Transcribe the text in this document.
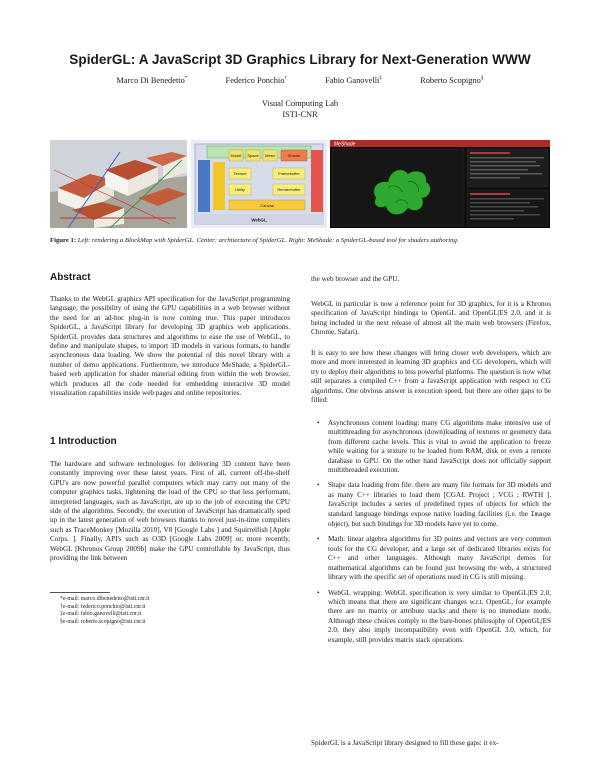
SpiderGL: A JavaScript 3D Graphics Library for Next-Generation WWW
Marco Di Benedetto*	Federico Ponchio†	Fabio Ganovelli‡	Roberto Scopigno§
Visual Computing Lab
ISTI-CNR
Model Space Mesh	Shader
Texture	Framebuffer
Utility	Renderbuffer
Canvas
WebGL
MeShade
Figure 1: Left: rendering a BlockMap with SpiderGL. Center: architecture of SpiderGL. Right: MeShade: a SpiderGL-based tool for shaders authoring.
Abstract
Thanks to the WebGL graphics API specification for the JavaScript programming language, the possibility of using the GPU capabilities in a web browser without the need for an ad-hoc plug-in is now coming true. This paper introduces SpiderGL, a JavaScript library for developing 3D graphics web applications. SpiderGL provides data structures and algorithms to ease the use of WebGL, to define and manipulate shapes, to import 3D models in various formats, to handle asynchronous data loading. We show the potential of this novel library with a number of demo applications. Furthermore, we introduce MeShade, a SpiderGL-based web application for shader material editing from within the web browser, which produces all the code needed for embedding interactive 3D model visualization capabilities inside web pages and online repositories.
1 Introduction
The hardware and software technologies for delivering 3D content have been constantly improving over these latest years. First of all, current off-the-shelf GPU's are now powerful parallel computers which may carry out many of the computer graphics tasks, lightening the load of the CPU so that less performant, interpreted languages, such as JavaScript, are up to the job of executing the CPU side of the algorithms. Secondly, the execution of JavaScript has dramatically sped up in the latest generation of web browsers thanks to novel just-in-time compilers such as TraceMonkey [Mozilla 2010], V8 [Google Labs ] and Squirrelfish [Apple Corps. ]. Finally, API's such as O3D [Google Labs 2009] or, more recently, WebGL [Khronos Group 2009b] make the GPU controllable by JavaScript, thus providing the link between
*e-mail: marco.dibenedetto@isti.cnr.it
†e-mail: federico.ponchio@isti.cnr.it
‡e-mail: fabio.ganovelli@isti.cnr.it
§e-mail: roberto.scopigno@isti.cnr.it
the web browser and the GPU.
WebGL in particular is now a reference point for 3D graphics, for it is a Khronos specification of JavaScript bindings to OpenGL and OpenGL|ES 2.0, and it is being included in the next release of almost all the main web browsers (Firefox, Chrome, Safari).
It is easy to see how these changes will bring closer web developers, which are more and more interested in learning 3D graphics and CG developers, which will try to deploy their algorithms to less powerful platforms. The question is now what still separates a compiled C++ from a JavaScript application with respect to CG algorithms. One obvious answer is execution speed, but there are other gaps to be filled:
• Asynchronous content loading: many CG algorithms make intensive use of multithreading for asynchronous (down)loading of textures or geometry data from different cache levels. This is vital to avoid the application to freeze while waiting for a texture to be loaded from RAM, disk or even a remote database to GPU. On the other hand JavaScript does not officially support multithreaded execution.
• Shape data loading from file: there are many file formats for 3D models and as many C++ libraries to load them [CGAL Project ; VCG ; RWTH ]. JavaScript includes a series of predefined types of objects for which the standard language bindings expose native loading facilities (i.e. the Image object), but such bindings for 3D models have yet to come.
• Math: linear algebra algorithms for 3D points and vectors are very common tools for the CG developer, and a large set of dedicated libraries exists for C++ and other languages. Although many JavaScript demos for mathematical algorithms can be found just browsing the web, a structured library with the specific set of operations used in CG is still missing.
• WebGL wrapping: WebGL specification is very similar to OpenGL|ES 2.0, which means that there are significant changes w.r.t. OpenGL, for example there are no matrix or attribute stacks and there is no immediate mode. Although these choices comply to the bare-bones philosophy of OpenGL|ES 2.0, they also imply incompatibility even with OpenGL 3.0, which, for example, still provides matrix stack operations.
SpiderGL is a JavaScript library designed to fill these gaps: it ex-
